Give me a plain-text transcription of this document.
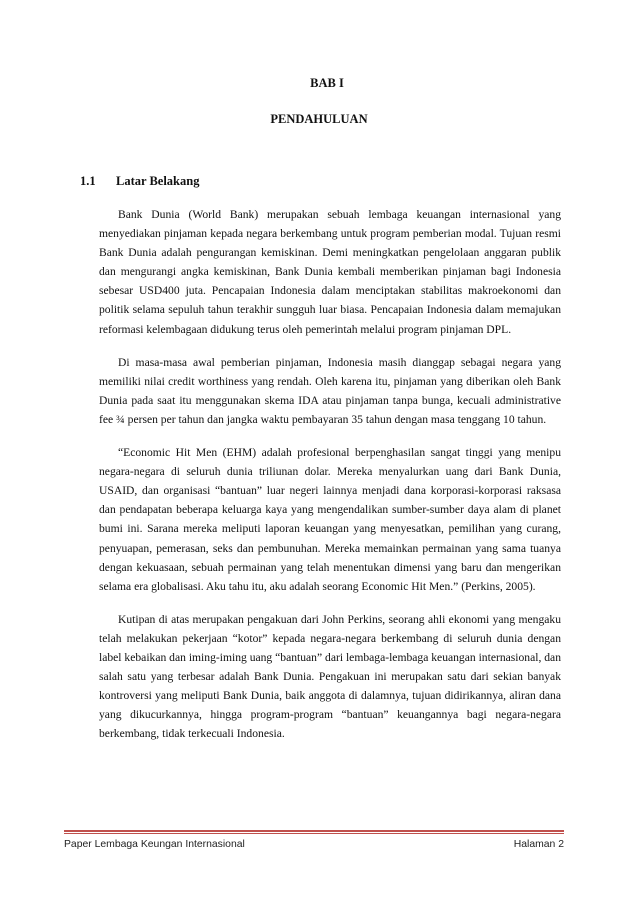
BAB I
PENDAHULUAN
1.1 Latar Belakang

Bank Dunia (World Bank) merupakan sebuah lembaga keuangan internasional yang menyediakan pinjaman kepada negara berkembang untuk program pemberian modal. Tujuan resmi Bank Dunia adalah pengurangan kemiskinan. Demi meningkatkan pengelolaan anggaran publik dan mengurangi angka kemiskinan, Bank Dunia kembali memberikan pinjaman bagi Indonesia sebesar USD400 juta. Pencapaian Indonesia dalam menciptakan stabilitas makroekonomi dan politik selama sepuluh tahun terakhir sungguh luar biasa. Pencapaian Indonesia dalam memajukan reformasi kelembagaan didukung terus oleh pemerintah melalui program pinjaman DPL.

Di masa-masa awal pemberian pinjaman, Indonesia masih dianggap sebagai negara yang memiliki nilai credit worthiness yang rendah. Oleh karena itu, pinjaman yang diberikan oleh Bank Dunia pada saat itu menggunakan skema IDA atau pinjaman tanpa bunga, kecuali administrative fee ¾ persen per tahun dan jangka waktu pembayaran 35 tahun dengan masa tenggang 10 tahun.

“Economic Hit Men (EHM) adalah profesional berpenghasilan sangat tinggi yang menipu negara-negara di seluruh dunia triliunan dolar. Mereka menyalurkan uang dari Bank Dunia, USAID, dan organisasi “bantuan” luar negeri lainnya menjadi dana korporasi-korporasi raksasa dan pendapatan beberapa keluarga kaya yang mengendalikan sumber-sumber daya alam di planet bumi ini. Sarana mereka meliputi laporan keuangan yang menyesatkan, pemilihan yang curang, penyuapan, pemerasan, seks dan pembunuhan. Mereka memainkan permainan yang sama tuanya dengan kekuasaan, sebuah permainan yang telah menentukan dimensi yang baru dan mengerikan selama era globalisasi. Aku tahu itu, aku adalah seorang Economic Hit Men.” (Perkins, 2005).

Kutipan di atas merupakan pengakuan dari John Perkins, seorang ahli ekonomi yang mengaku telah melakukan pekerjaan “kotor” kepada negara-negara berkembang di seluruh dunia dengan label kebaikan dan iming-iming uang “bantuan” dari lembaga-lembaga keuangan internasional, dan salah satu yang terbesar adalah Bank Dunia. Pengakuan ini merupakan satu dari sekian banyak kontroversi yang meliputi Bank Dunia, baik anggota di dalamnya, tujuan didirikannya, aliran dana yang dikucurkannya, hingga program-program “bantuan” keuangannya bagi negara-negara berkembang, tidak terkecuali Indonesia.

Paper Lembaga Keungan Internasional	Halaman 2
